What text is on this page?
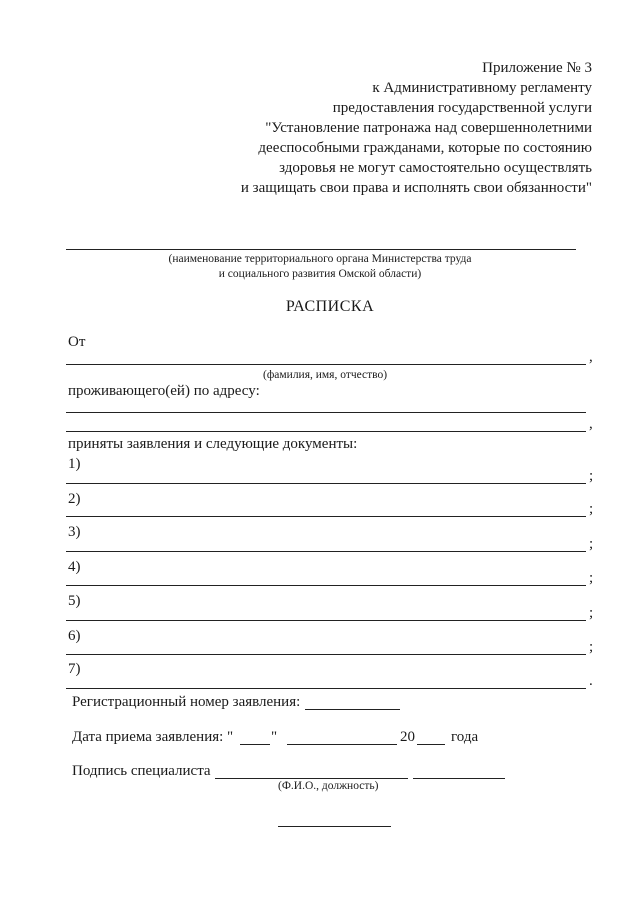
Приложение № 3
к Административному регламенту
предоставления государственной услуги
"Установление патронажа над совершеннолетними
дееспособными гражданами, которые по состоянию
здоровья не могут самостоятельно осуществлять
и защищать свои права и исполнять свои обязанности"
(наименование территориального органа Министерства труда
и социального развития Омской области)
РАСПИСКА
От
,
(фамилия, имя, отчество)
проживающего(ей) по адресу:
,
приняты заявления и следующие документы:
1)
;
2)
;
3)
;
4)
;
5)
;
6)
;
7)
.
Регистрационный номер заявления:
Дата приема заявления: "	"	20 года
Подпись специалиста
(Ф.И.О., должность)
